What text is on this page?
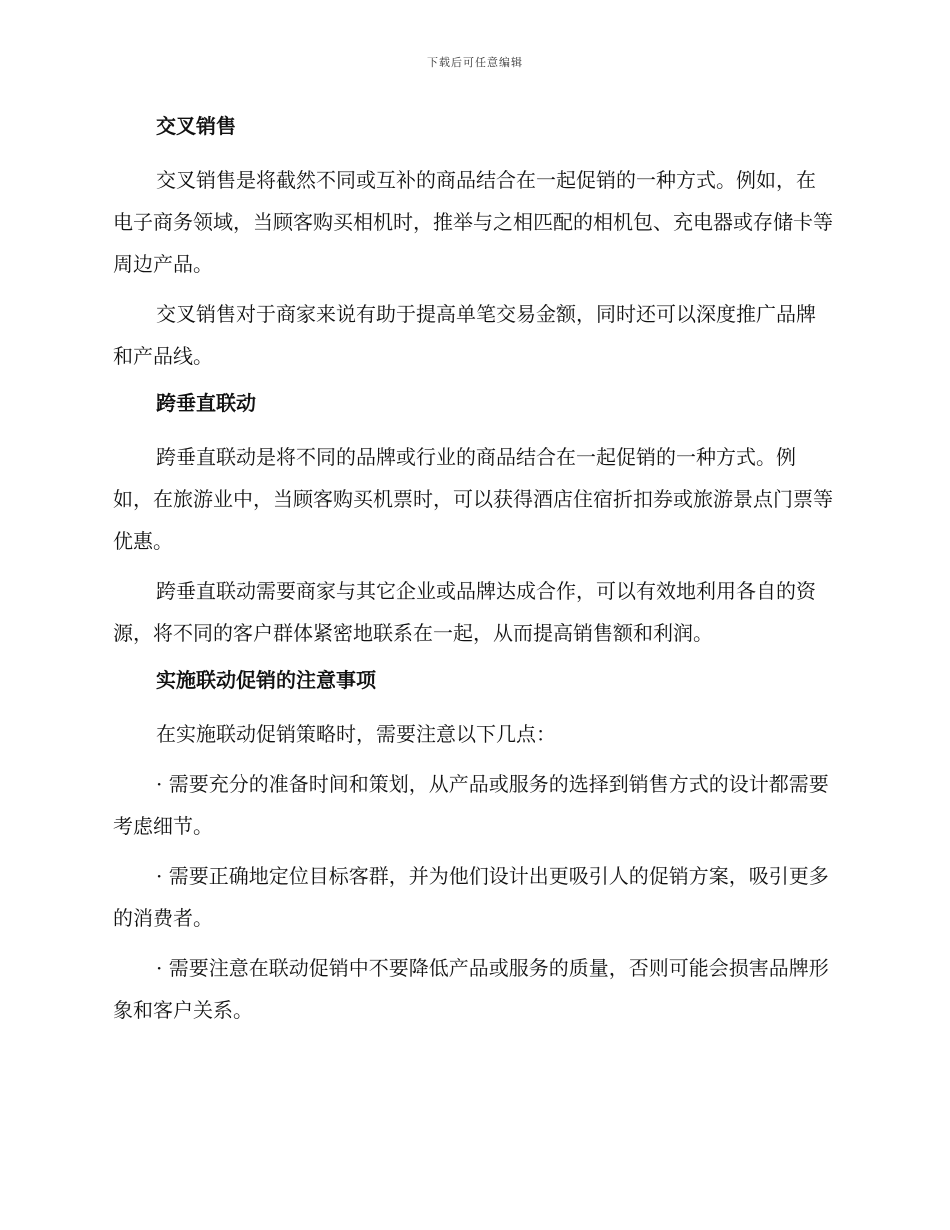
下载后可任意编辑
交叉销售

交叉销售是将截然不同或互补的商品结合在一起促销的一种方式。例如，在电子商务领域，当顾客购买相机时，推举与之相匹配的相机包、充电器或存储卡等周边产品。

交叉销售对于商家来说有助于提高单笔交易金额，同时还可以深度推广品牌和产品线。

跨垂直联动

跨垂直联动是将不同的品牌或行业的商品结合在一起促销的一种方式。例如，在旅游业中，当顾客购买机票时，可以获得酒店住宿折扣券或旅游景点门票等优惠。

跨垂直联动需要商家与其它企业或品牌达成合作，可以有效地利用各自的资源，将不同的客户群体紧密地联系在一起，从而提高销售额和利润。

实施联动促销的注意事项

在实施联动促销策略时，需要注意以下几点：

· 需要充分的准备时间和策划，从产品或服务的选择到销售方式的设计都需要考虑细节。

· 需要正确地定位目标客群，并为他们设计出更吸引人的促销方案，吸引更多的消费者。

· 需要注意在联动促销中不要降低产品或服务的质量，否则可能会损害品牌形象和客户关系。
